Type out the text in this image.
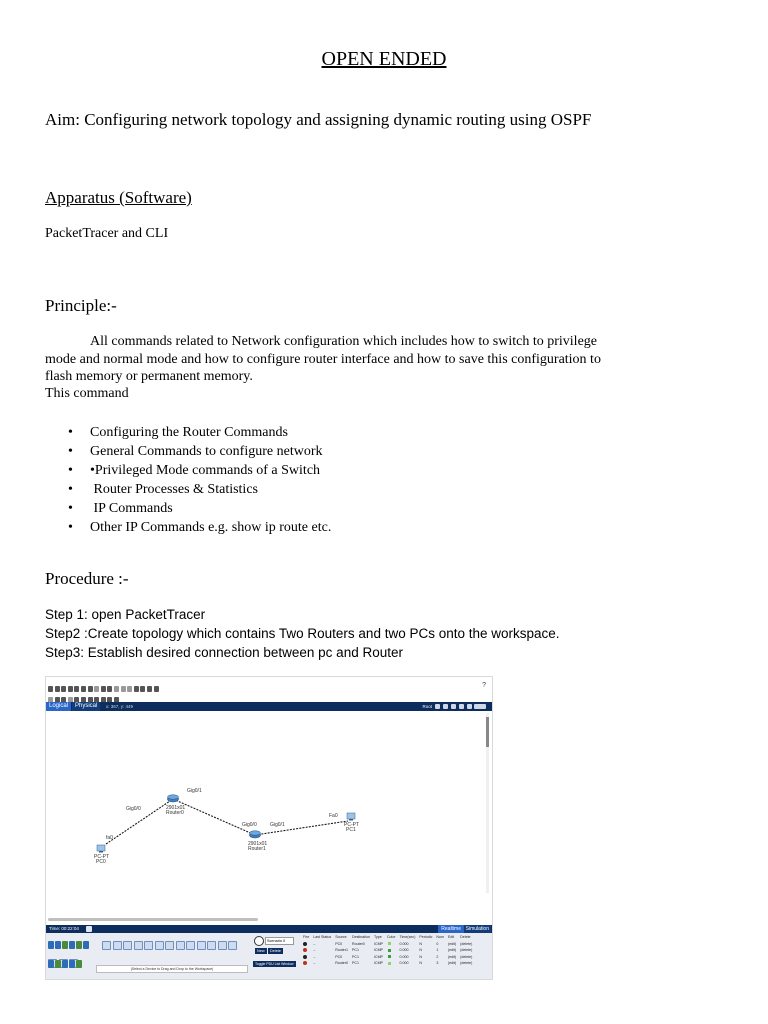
OPEN ENDED
Aim: Configuring network topology and assigning dynamic routing using OSPF
Apparatus (Software)
PacketTracer and CLI
Principle:-

All commands related to Network configuration which includes how to switch to privilege mode and normal mode and how to configure router interface and how to save this configuration to flash memory or permanent memory.

This command
• Configuring the Router Commands
• General Commands to configure network
• •Privileged Mode commands of a Switch
•  Router Processes & Statistics
•  IP Commands
• Other IP Commands e.g. show ip route etc.
Procedure :-
Step 1: open PacketTracer
Step2 :Create topology which contains Two Routers and two PCs onto the workspace.
Step3: Establish desired connection between pc and Router
?
Logical	Physical	x: 367, y: 449	Root
fa0
Gig0/0
Gig0/1
Gig0/0	Gig0/1
Fa0
2901x01
Router0
2901x01
Router1
PC-PT
PC0
PC-PT
PC1
Time: 00:22:04	Realtime Simulation

(Select a Device to Drag and Drop to the Workspace)
Scenario 0
New	Delete
Toggle PDU List Window
Fire	Last Status	Source	Destination	Type	Color	Time(sec)	Periodic	Num	Edit	Delete
	--	PC0	Router0	ICMP		0.000	N	0	(edit)	(delete)
	--	Router1	PC1	ICMP		0.000	N	1	(edit)	(delete)
	--	PC0	PC1	ICMP		0.000	N	2	(edit)	(delete)
	--	Router0	PC1	ICMP		0.000	N	3	(edit)	(delete)
